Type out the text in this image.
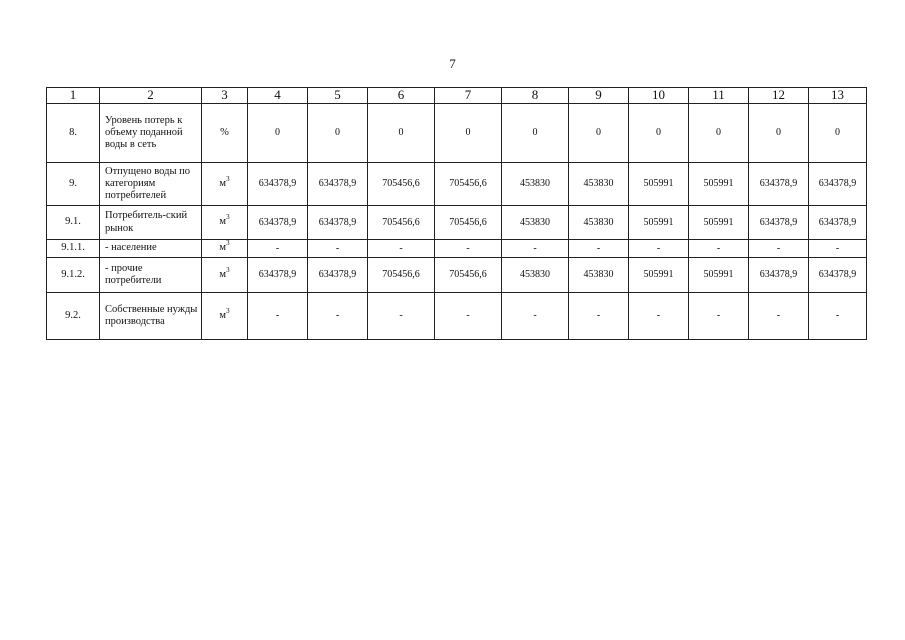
7
1	2	3	4	5	6	7	8	9	10	11	12	13
8.	Уровень потерь к объему поданной воды в сеть	%	0	0	0	0	0	0	0	0	0	0
9.	Отпущено воды по категориям потребителей	$м^3$	634378,9	634378,9	705456,6	705456,6	453830	453830	505991	505991	634378,9	634378,9
9.1.	Потребитель-ский рынок	$м^3$	634378,9	634378,9	705456,6	705456,6	453830	453830	505991	505991	634378,9	634378,9
9.1.1.	- население	$м^3$	-	-	-	-	-	-	-	-	-	-
9.1.2.	- прочие потребители	$м^3$	634378,9	634378,9	705456,6	705456,6	453830	453830	505991	505991	634378,9	634378,9
9.2.	Собственные нужды производства	$м^3$	-	-	-	-	-	-	-	-	-	-
